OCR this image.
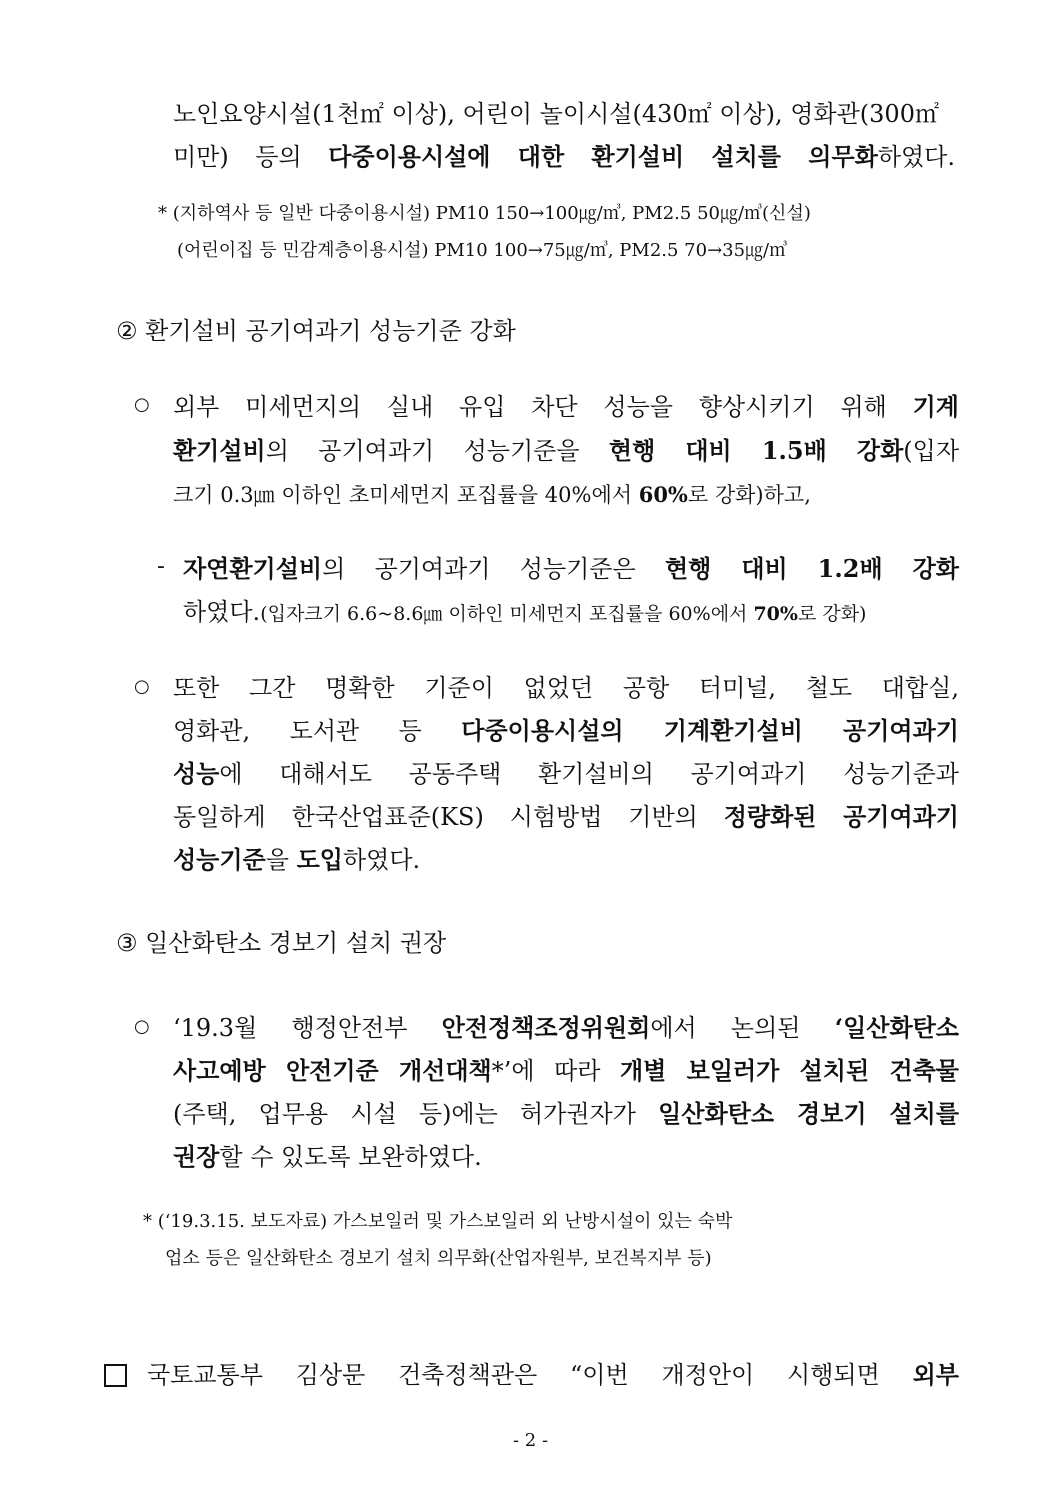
노인요양시설(1천㎡ 이상), 어린이 놀이시설(430㎡ 이상), 영화관(300㎡
미만) 등의 다중이용시설에 대한 환기설비 설치를 의무화하였다.
* (지하역사 등 일반 다중이용시설) PM10 150→100㎍/㎥, PM2.5 50㎍/㎥(신설)
(어린이집 등 민감계층이용시설) PM10 100→75㎍/㎥, PM2.5 70→35㎍/㎥
② 환기설비 공기여과기 성능기준 강화
○ 외부 미세먼지의 실내 유입 차단 성능을 향상시키기 위해 기계
환기설비의 공기여과기 성능기준을 현행 대비 1.5배 강화(입자
크기 0.3㎛ 이하인 초미세먼지 포집률을 40%에서 60%로 강화)하고,
- 자연환기설비의 공기여과기 성능기준은 현행 대비 1.2배 강화
하였다.(입자크기 6.6~8.6㎛ 이하인 미세먼지 포집률을 60%에서 70%로 강화)
○ 또한 그간 명확한 기준이 없었던 공항 터미널, 철도 대합실,
영화관, 도서관 등 다중이용시설의 기계환기설비 공기여과기
성능에 대해서도 공동주택 환기설비의 공기여과기 성능기준과
동일하게 한국산업표준(KS) 시험방법 기반의 정량화된 공기여과기
성능기준을 도입하였다.
③ 일산화탄소 경보기 설치 권장
○ ‘19.3월 행정안전부 안전정책조정위원회에서 논의된 ‘일산화탄소
사고예방 안전기준 개선대책*’에 따라 개별 보일러가 설치된 건축물
(주택, 업무용 시설 등)에는 허가권자가 일산화탄소 경보기 설치를
권장할 수 있도록 보완하였다.
* (‘19.3.15. 보도자료) 가스보일러 및 가스보일러 외 난방시설이 있는 숙박
업소 등은 일산화탄소 경보기 설치 의무화(산업자원부, 보건복지부 등)
국토교통부 김상문 건축정책관은 “이번 개정안이 시행되면 외부
- 2 -
